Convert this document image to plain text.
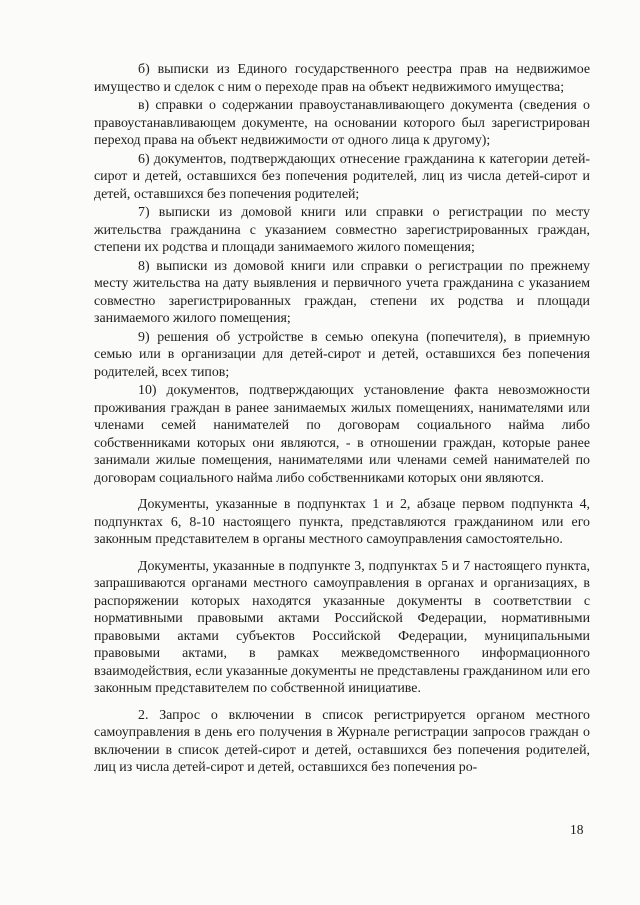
б) выписки из Единого государственного реестра прав на недвижимое имущество и сделок с ним о переходе прав на объект недвижимого имущества;

в) справки о содержании правоустанавливающего документа (сведения о правоустанавливающем документе, на основании которого был зарегистрирован переход права на объект недвижимости от одного лица к другому);

6) документов, подтверждающих отнесение гражданина к категории детей-сирот и детей, оставшихся без попечения родителей, лиц из числа детей-сирот и детей, оставшихся без попечения родителей;

7) выписки из домовой книги или справки о регистрации по месту жительства гражданина с указанием совместно зарегистрированных граждан, степени их родства и площади занимаемого жилого помещения;

8) выписки из домовой книги или справки о регистрации по прежнему месту жительства на дату выявления и первичного учета гражданина с указанием совместно зарегистрированных граждан, степени их родства и площади занимаемого жилого помещения;

9) решения об устройстве в семью опекуна (попечителя), в приемную семью или в организации для детей-сирот и детей, оставшихся без попечения родителей, всех типов;

10) документов, подтверждающих установление факта невозможности проживания граждан в ранее занимаемых жилых помещениях, нанимателями или членами семей нанимателей по договорам социального найма либо собственниками которых они являются, - в отношении граждан, которые ранее занимали жилые помещения, нанимателями или членами семей нанимателей по договорам социального найма либо собственниками которых они являются.

Документы, указанные в подпунктах 1 и 2, абзаце первом подпункта 4, подпунктах 6, 8-10 настоящего пункта, представляются гражданином или его законным представителем в органы местного самоуправления самостоятельно.

Документы, указанные в подпункте 3, подпунктах 5 и 7 настоящего пункта, запрашиваются органами местного самоуправления в органах и организациях, в распоряжении которых находятся указанные документы в соответствии с нормативными правовыми актами Российской Федерации, нормативными правовыми актами субъектов Российской Федерации, муниципальными правовыми актами, в рамках межведомственного информационного взаимодействия, если указанные документы не представлены гражданином или его законным представителем по собственной инициативе.

2. Запрос о включении в список регистрируется органом местного самоуправления в день его получения в Журнале регистрации запросов граждан о включении в список детей-сирот и детей, оставшихся без попечения родителей, лиц из числа детей-сирот и детей, оставшихся без попечения ро-

18
